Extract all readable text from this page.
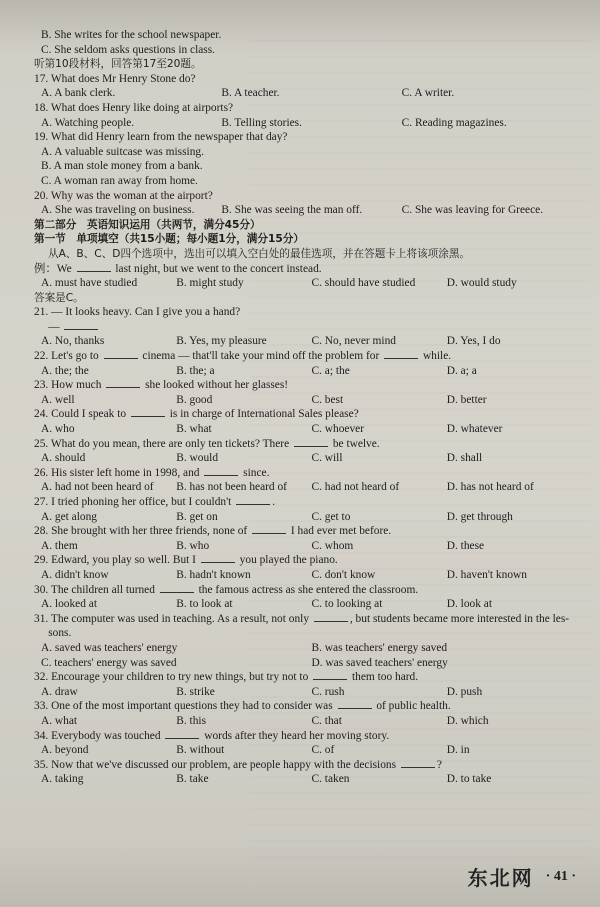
B. She writes for the school newspaper.
C. She seldom asks questions in class.
听第10段材料，回答第17至20题。
17. What does Mr Henry Stone do?
A. A bank clerk.	B. A teacher.	C. A writer.
18. What does Henry like doing at airports?
A. Watching people.	B. Telling stories.	C. Reading magazines.
19. What did Henry learn from the newspaper that day?
A. A valuable suitcase was missing.
B. A man stole money from a bank.
C. A woman ran away from home.
20. Why was the woman at the airport?
A. She was traveling on business.	B. She was seeing the man off.	C. She was leaving for Greece.
第二部分　英语知识运用（共两节，满分45分）
第一节　单项填空（共15小题；每小题1分，满分15分）
从A、B、C、D四个选项中，选出可以填入空白处的最佳选项，并在答题卡上将该项涂黑。
例：We	last night, but we went to the concert instead.
A. must have studied	B. might study	C. should have studied	D. would study
答案是C。
21. — It looks heavy. Can I give you a hand?
　 —
A. No, thanks	B. Yes, my pleasure	C. No, never mind	D. Yes, I do
22. Let's go to	cinema — that'll take your mind off the problem for	while.
A. the; the	B. the; a	C. a; the	D. a; a
23. How much	she looked without her glasses!
A. well	B. good	C. best	D. better
24. Could I speak to	is in charge of International Sales please?
A. who	B. what	C. whoever	D. whatever
25. What do you mean, there are only ten tickets? There	be twelve.
A. should	B. would	C. will	D. shall
26. His sister left home in 1998, and	since.
A. had not been heard of	B. has not been heard of	C. had not heard of	D. has not heard of
27. I tried phoning her office, but I couldn't	.
A. get along	B. get on	C. get to	D. get through
28. She brought with her three friends, none of	I had ever met before.
A. them	B. who	C. whom	D. these
29. Edward, you play so well. But I	you played the piano.
A. didn't know	B. hadn't known	C. don't know	D. haven't known
30. The children all turned	the famous actress as she entered the classroom.
A. looked at	B. to look at	C. to looking at	D. look at
31. The computer was used in teaching. As a result, not only	, but students became more interested in the les-
　 sons.
A. saved was teachers' energy	B. was teachers' energy saved
C. teachers' energy was saved	D. was saved teachers' energy
32. Encourage your children to try new things, but try not to	them too hard.
A. draw	B. strike	C. rush	D. push
33. One of the most important questions they had to consider was	of public health.
A. what	B. this	C. that	D. which
34. Everybody was touched	words after they heard her moving story.
A. beyond	B. without	C. of	D. in
35. Now that we've discussed our problem, are people happy with the decisions	?
A. taking	B. take	C. taken	D. to take
东北网 · 41 ·
